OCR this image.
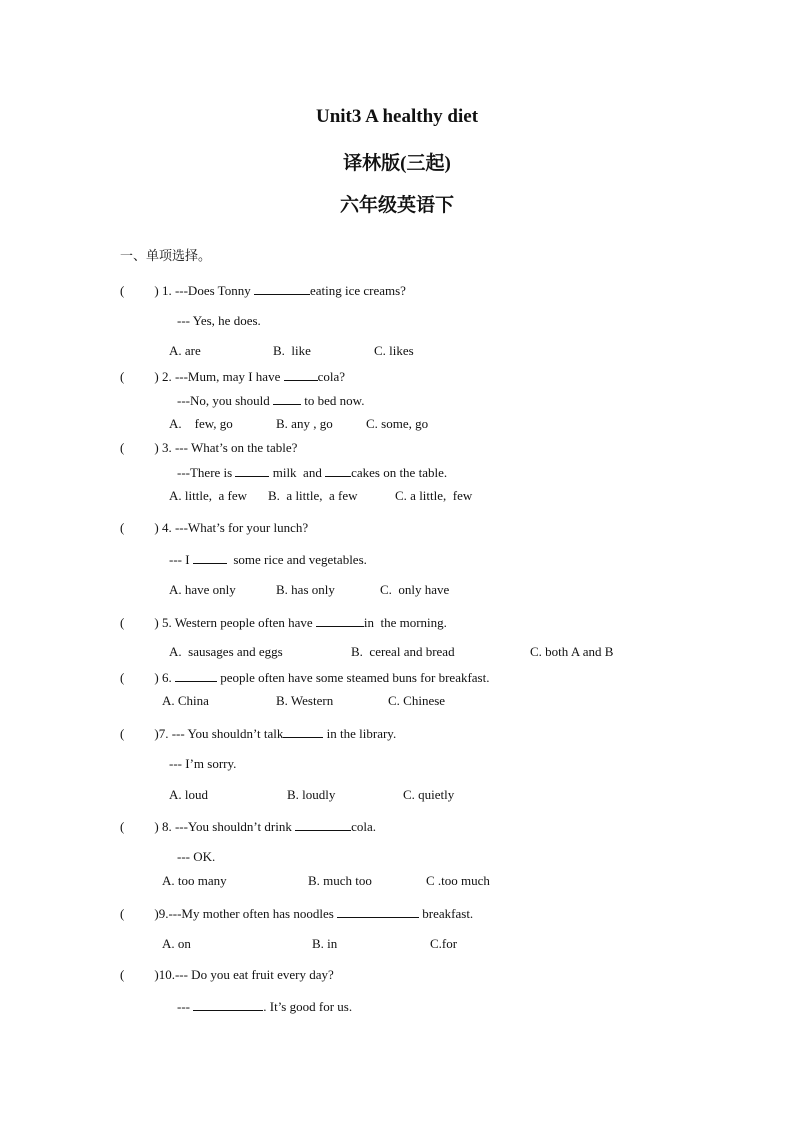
Unit3 A healthy diet
译林版(三起)
六年级英语下
一、单项选择。
( ) 1. ---Does Tonny	eating ice creams?
--- Yes, he does.
A. are	B.  like	C. likes
( ) 2. ---Mum, may I have	cola?
---No, you should  to bed now.
A.    few, go	B. any , go	C. some, go
( ) 3. --- What’s on the table?
---There is	milk  and cakes on the table.
A. little,  a few B.  a little,  a few	C. a little,  few
( ) 4. ---What’s for your lunch?
--- I	some rice and vegetables.
A. have only	B. has only	C.  only have
( ) 5. Western people often have	in  the morning.
A.  sausages and eggs	B.  cereal and bread	C. both A and B
( ) 6.	people often have some steamed buns for breakfast.
A. China	B. Western	C. Chinese
( )7. --- You shouldn’t talk	in the library.
--- I’m sorry.
A. loud	B. loudly	C. quietly
( ) 8. ---You shouldn’t drink	cola.
--- OK.
A. too many	B. much too	C .too much
( )9.---My mother often has noodles	breakfast.
A. on	B. in	C.for
( )10.--- Do you eat fruit every day?
---	. It’s good for us.
